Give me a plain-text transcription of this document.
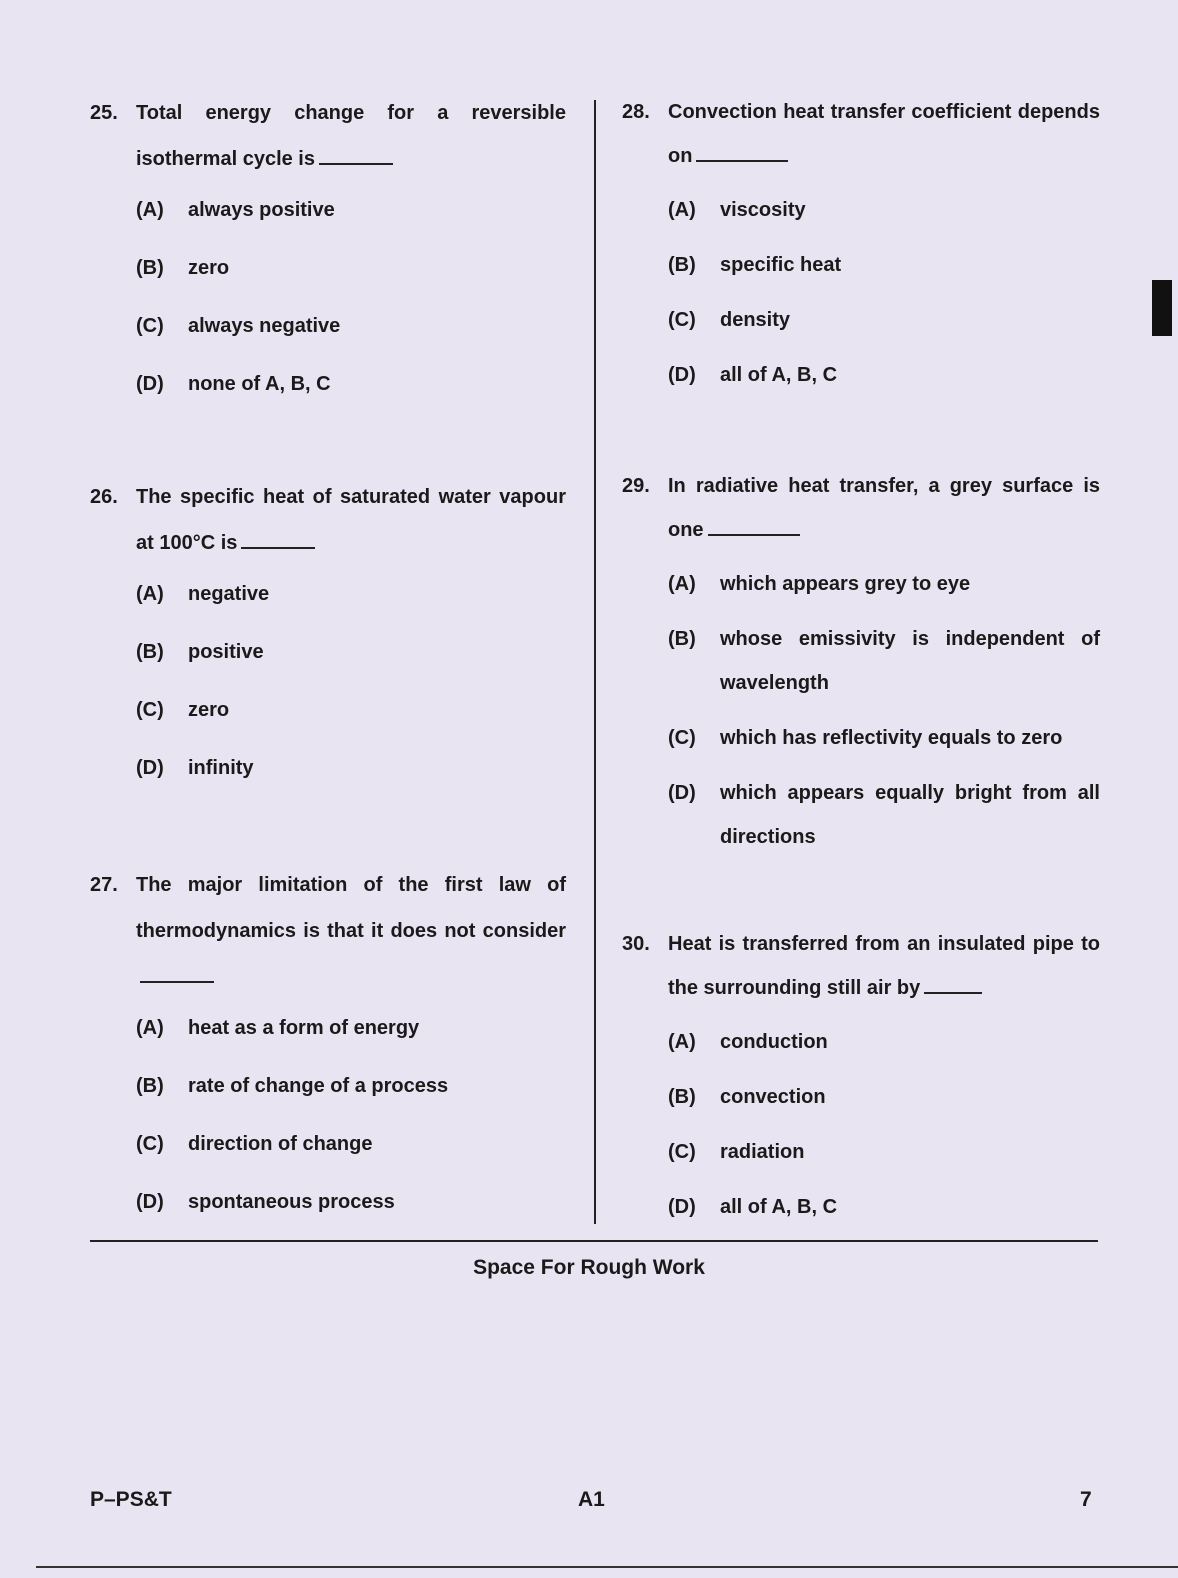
25. Total energy change for a reversible isothermal cycle is
(A)	always positive
(B)	zero
(C)	always negative
(D)	none of A, B, C
26. The specific heat of saturated water vapour at 100°C is
(A)	negative
(B)	positive
(C)	zero
(D)	infinity
27. The major limitation of the first law of thermodynamics is that it does not consider
(A)	heat as a form of energy
(B)	rate of change of a process
(C)	direction of change
(D)	spontaneous process
28. Convection heat transfer coefficient depends on
(A)	viscosity
(B)	specific heat
(C)	density
(D)	all of A, B, C
29. In radiative heat transfer, a grey surface is one
(A)	which appears grey to eye
(B)	whose emissivity is independent of wavelength
(C)	which has reflectivity equals to zero
(D)	which appears equally bright from all directions
30. Heat is transferred from an insulated pipe to the surrounding still air by
(A)	conduction
(B)	convection
(C)	radiation
(D)	all of A, B, C
Space For Rough Work
P–PS&T	A1	7
